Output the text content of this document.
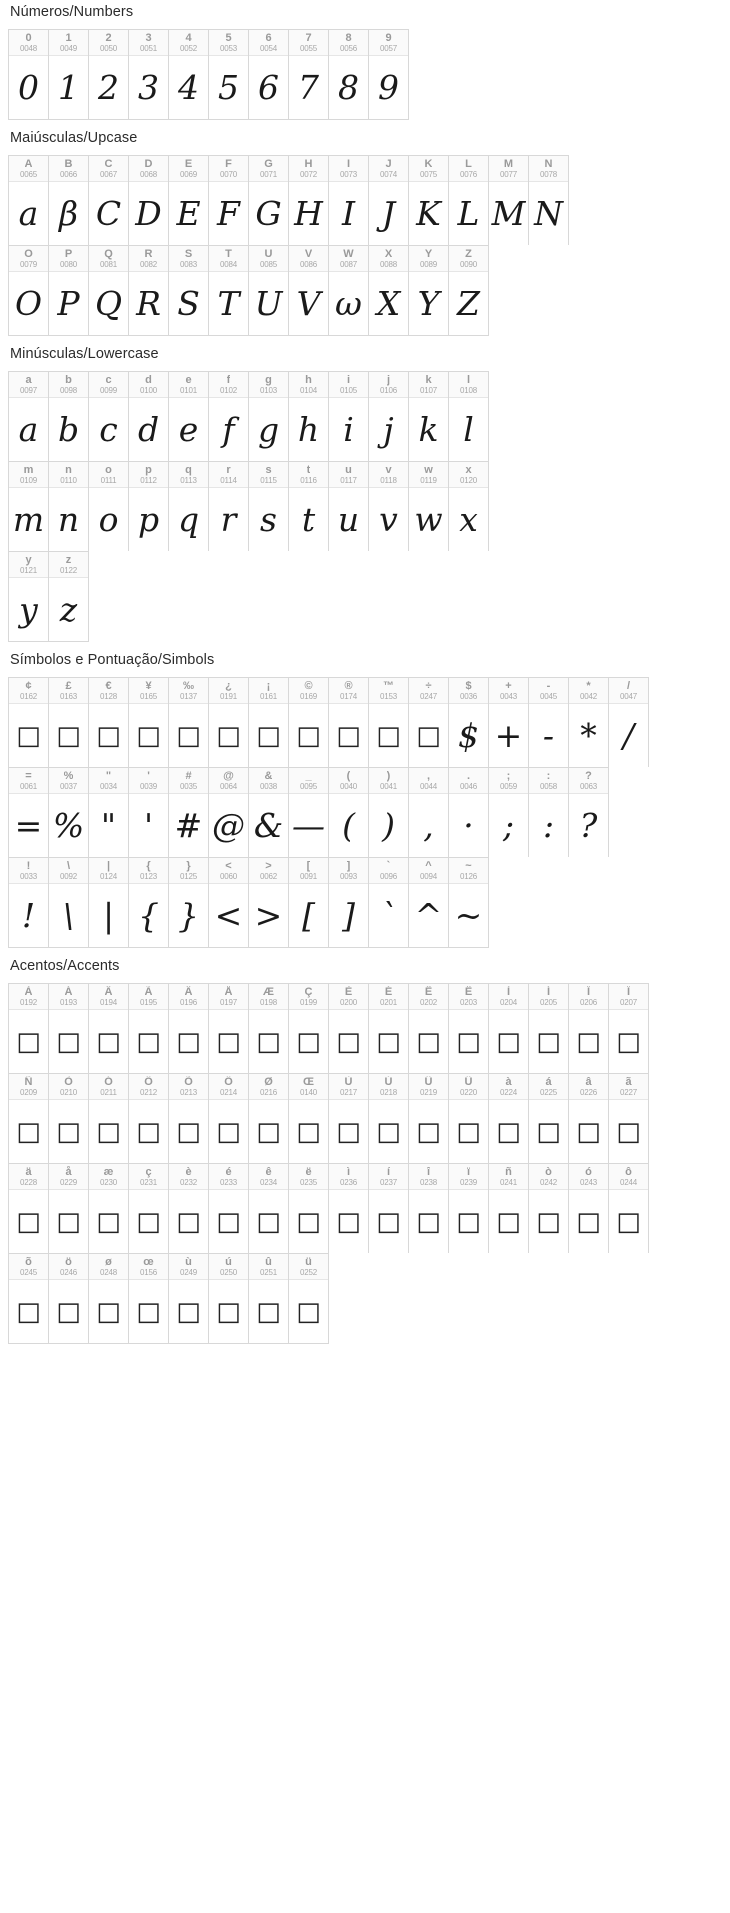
Números/Numbers
0
0048
0
1
0049
1
2
0050
2
3
0051
3
4
0052
4
5
0053
5
6
0054
6
7
0055
7
8
0056
8
9
0057
9
Maiúsculas/Upcase
A
0065
a
B
0066
β
C
0067
C
D
0068
D
E
0069
E
F
0070
F
G
0071
G
H
0072
H
I
0073
I
J
0074
J
K
0075
K
L
0076
L
M
0077
M
N
0078
N
O
0079
O
P
0080
P
Q
0081
Q
R
0082
R
S
0083
S
T
0084
T
U
0085
U
V
0086
V
W
0087
ω
X
0088
X
Y
0089
Y
Z
0090
Z
Minúsculas/Lowercase
a
0097
a
b
0098
b
c
0099
c
d
0100
d
e
0101
e
f
0102
f
g
0103
g
h
0104
h
i
0105
i
j
0106
j
k
0107
k
l
0108
l
m
0109
m
n
0110
n
o
0111
o
p
0112
p
q
0113
q
r
0114
r
s
0115
s
t
0116
t
u
0117
u
v
0118
v
w
0119
w
x
0120
x
y
0121
y
z
0122
z
Símbolos e Pontuação/Simbols
¢
0162
□
£
0163
□
€
0128
□
¥
0165
□
‰
0137
□
¿
0191
□
¡
0161
□
©
0169
□
®
0174
□
™
0153
□
÷
0247
□
$
0036
$
+
0043
+
-
0045
-
*
0042
*
/
0047
/
=
0061
=
%
0037
%
"
0034
"
'
0039
'
#
0035
#
@
0064
@
&
0038
&
_
0095
—
(
0040
(
)
0041
)
,
0044
,
.
0046
·
;
0059
;
:
0058
:
?
0063
?
!
0033
!
\
0092
\
|
0124
|
{
0123
{
}
0125
}
<
0060
<
>
0062
>
[
0091
[
]
0093
]
`
0096
`
^
0094
^
~
0126
~
Acentos/Accents
À
0192
□
Á
0193
□
Â
0194
□
Ã
0195
□
Ä
0196
□
Å
0197
□
Æ
0198
□
Ç
0199
□
È
0200
□
É
0201
□
Ê
0202
□
Ë
0203
□
Ì
0204
□
Í
0205
□
Î
0206
□
Ï
0207
□
Ñ
0209
□
Ò
0210
□
Ó
0211
□
Ô
0212
□
Õ
0213
□
Ö
0214
□
Ø
0216
□
Œ
0140
□
Ù
0217
□
Ú
0218
□
Û
0219
□
Ü
0220
□
à
0224
□
á
0225
□
â
0226
□
ã
0227
□
ä
0228
□
å
0229
□
æ
0230
□
ç
0231
□
è
0232
□
é
0233
□
ê
0234
□
ë
0235
□
ì
0236
□
í
0237
□
î
0238
□
ï
0239
□
ñ
0241
□
ò
0242
□
ó
0243
□
ô
0244
□
õ
0245
□
ö
0246
□
ø
0248
□
œ
0156
□
ù
0249
□
ú
0250
□
û
0251
□
ü
0252
□
